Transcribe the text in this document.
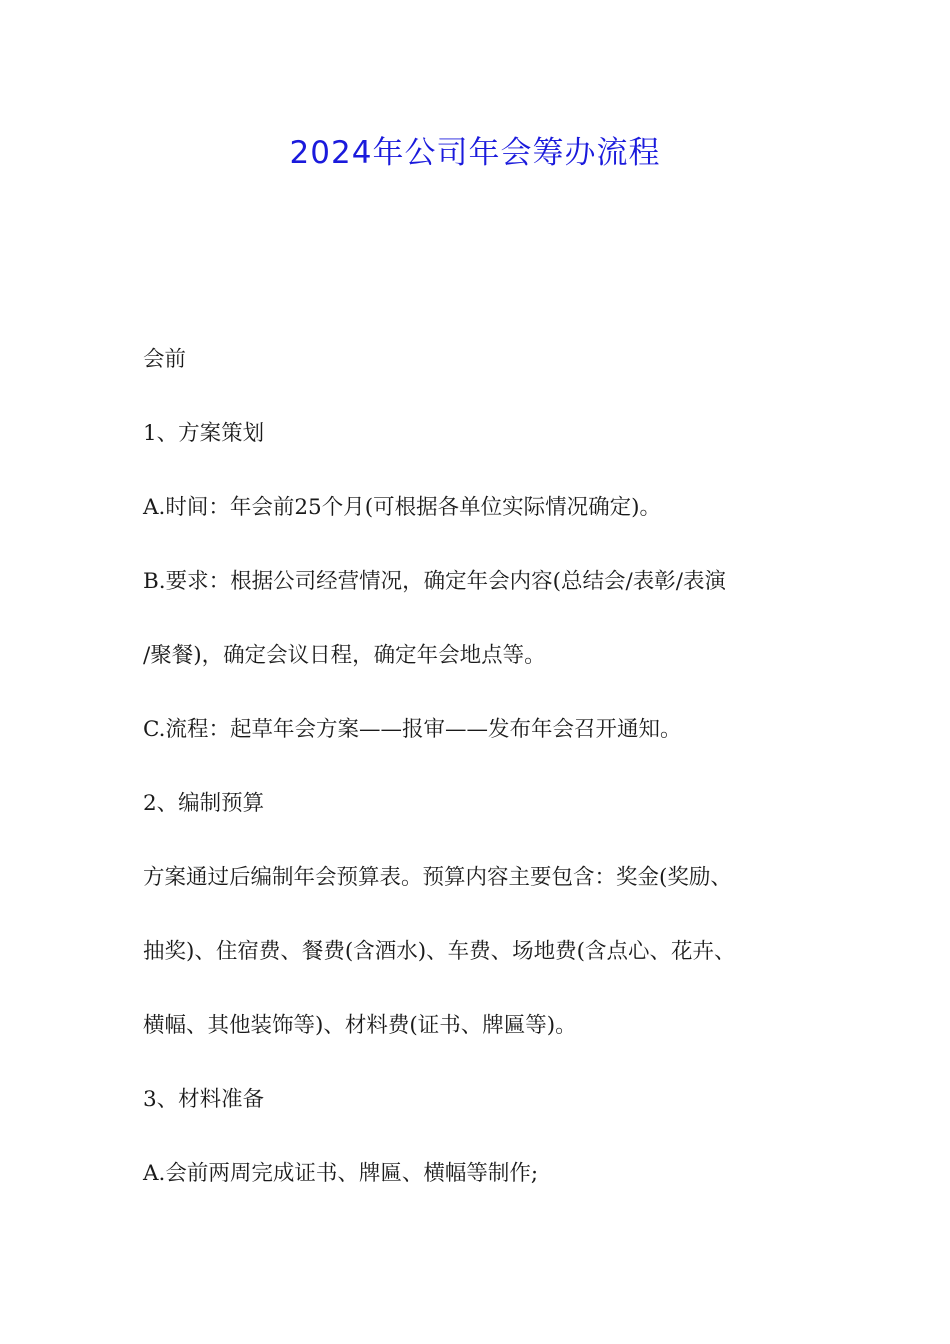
2024年公司年会筹办流程
会前
1、方案策划
A.时间：年会前25个月(可根据各单位实际情况确定)。
B.要求：根据公司经营情况，确定年会内容(总结会/表彰/表演
/聚餐)，确定会议日程，确定年会地点等。
C.流程：起草年会方案——报审——发布年会召开通知。
2、编制预算
方案通过后编制年会预算表。预算内容主要包含：奖金(奖励、
抽奖)、住宿费、餐费(含酒水)、车费、场地费(含点心、花卉、
横幅、其他装饰等)、材料费(证书、牌匾等)。
3、材料准备
A.会前两周完成证书、牌匾、横幅等制作;
